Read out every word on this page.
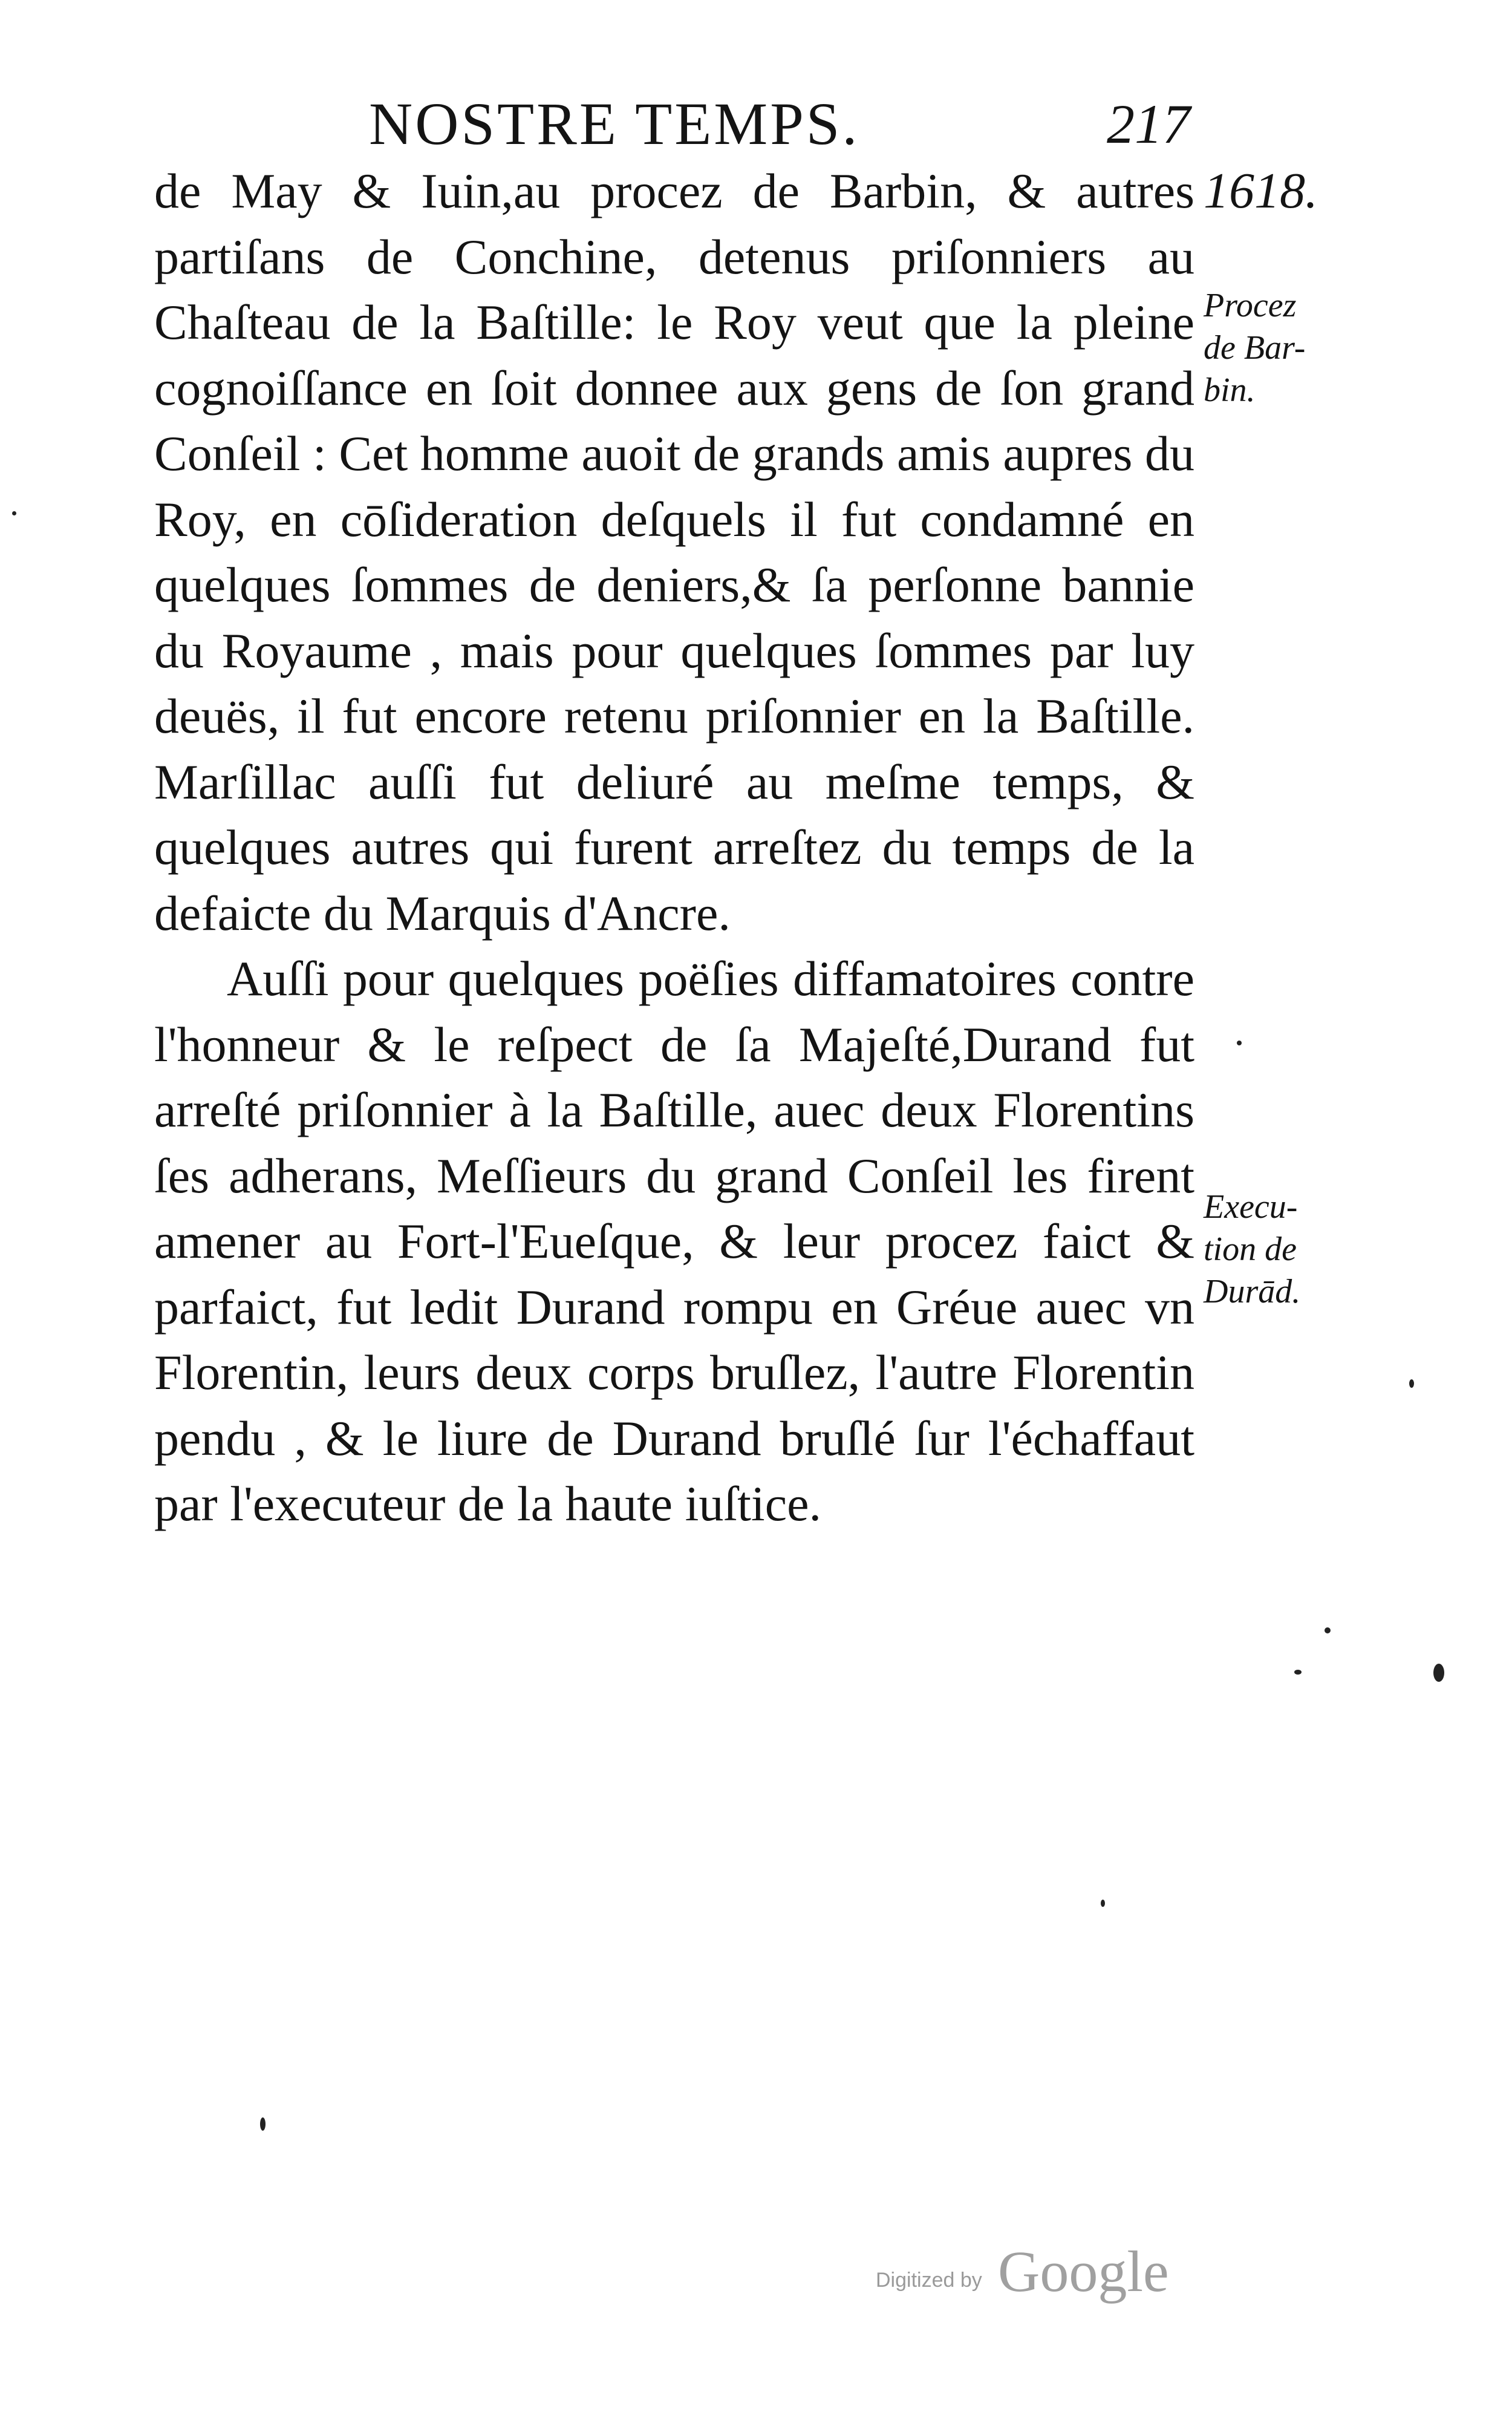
NOSTRE TEMPS.	217
1618.

de May & Iuin,au procez de Barbin, & autres partiſans de Conchine, detenus priſonniers au Chaſteau de la Baſtille: le Roy veut que la pleine cognoiſſance en ſoit donnee aux gens de ſon grand Conſeil : Cet homme auoit de grands amis aupres du Roy, en cōſideration deſquels il fut condamné en quelques ſommes de deniers,& ſa perſonne bannie du Royaume , mais pour quelques ſommes par luy deuës, il fut encore retenu priſonnier en la Baſtille. Marſillac auſſi fut deliuré au meſme temps, & quelques autres qui furent arreſtez du temps de la defaicte du Marquis d'Ancre.

Auſſi pour quelques poëſies diffamatoires contre l'honneur & le reſpect de ſa Majeſté,Durand fut arreſté priſonnier à la Baſtille, auec deux Florentins ſes adherans, Meſſieurs du grand Conſeil les firent amener au Fort-l'Eueſque, & leur procez faict & parfaict, fut ledit Durand rompu en Gréue auec vn Florentin, leurs deux corps bruſlez, l'autre Florentin pendu , & le liure de Durand bruſlé ſur l'échaffaut par l'executeur de la haute iuſtice.

Procez
de Bar-
bin.
Execu-
tion de
Durād.
Digitized by Google
